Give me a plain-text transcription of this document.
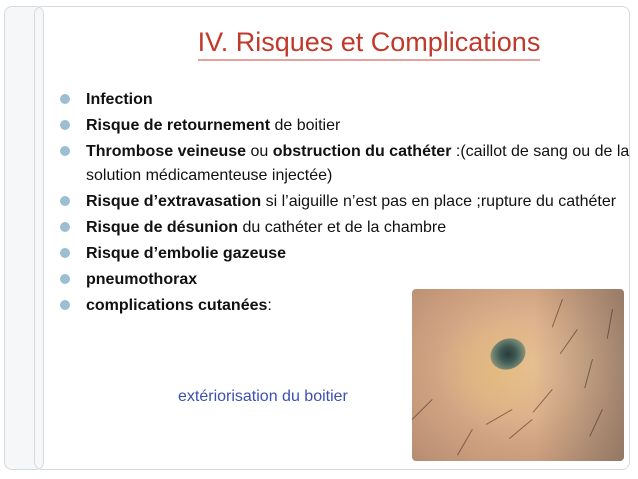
IV. Risques et Complications
Infection
Risque de retournement de boitier
Thrombose veineuse ou obstruction du cathéter :(caillot de sang ou de la solution médicamenteuse injectée)
Risque d’extravasation si l’aiguille n’est pas en place ;rupture du cathéter
Risque de désunion du cathéter et de la chambre
Risque d’embolie gazeuse
pneumothorax
complications cutanées:
extériorisation du boitier
